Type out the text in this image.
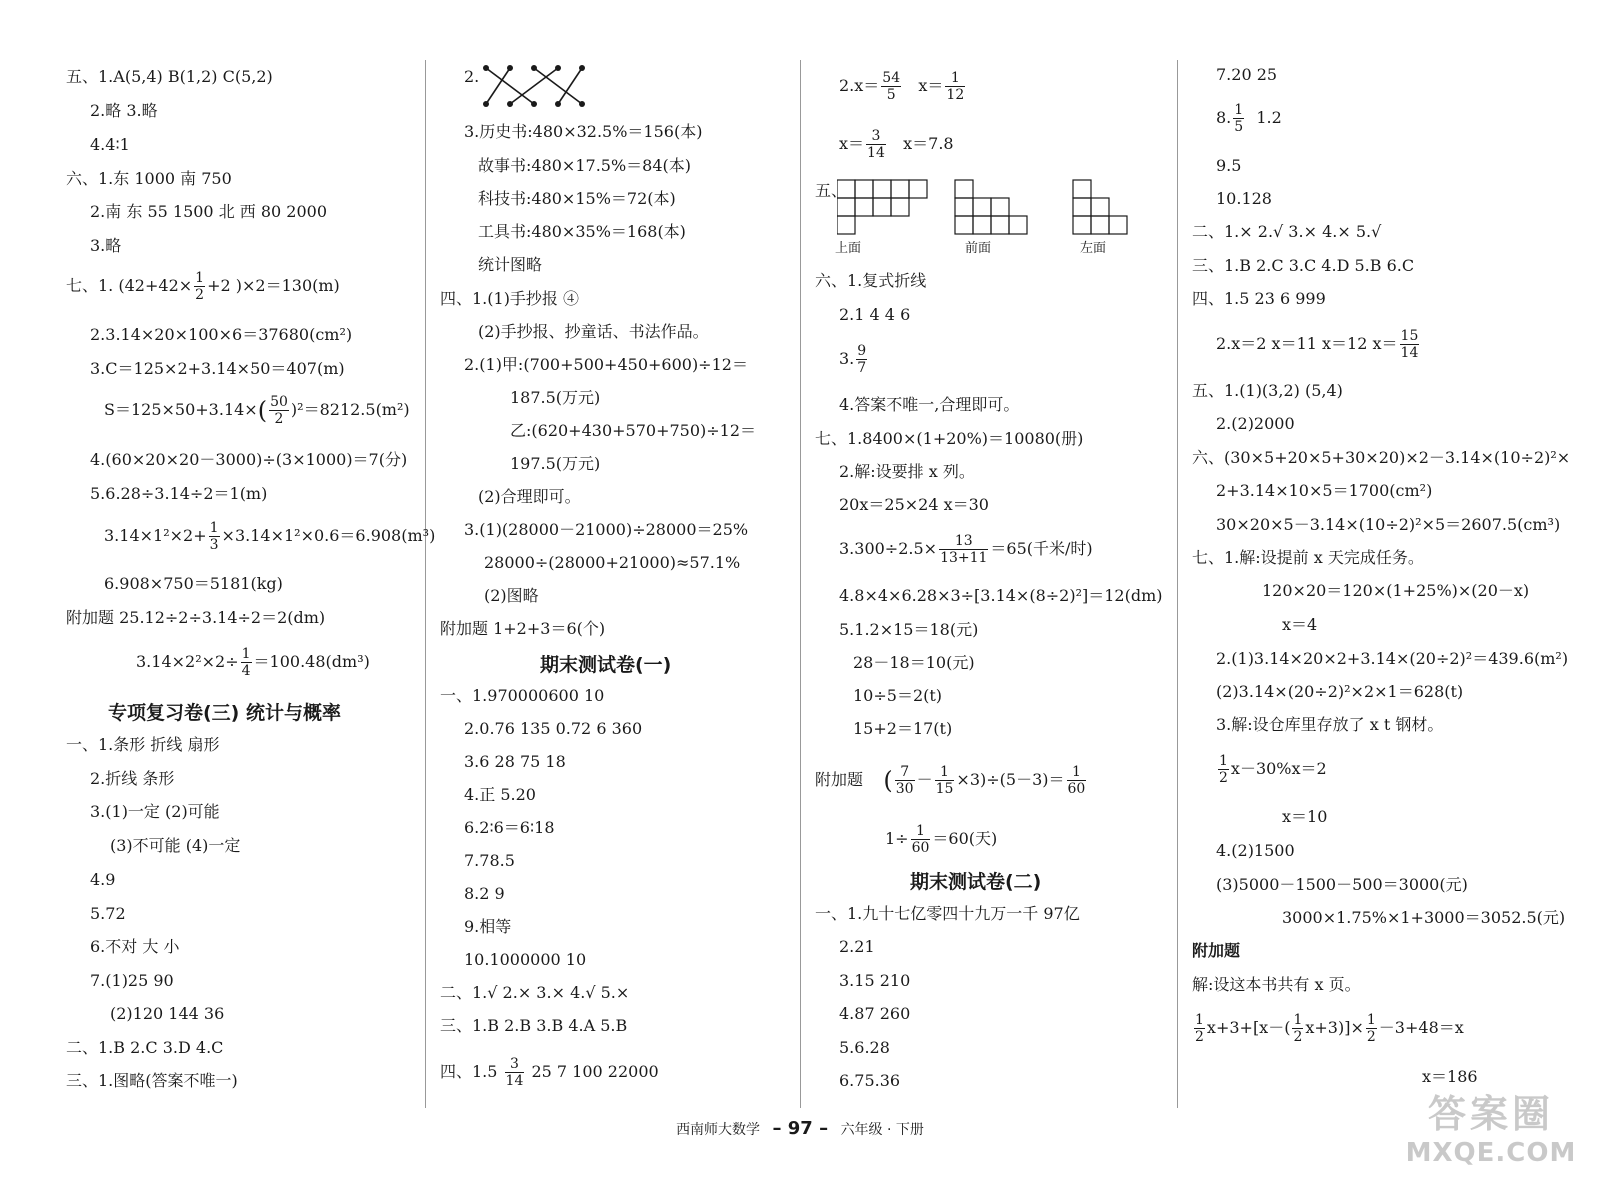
五、1.A(5,4) B(1,2) C(5,2)
2.略 3.略
4.4∶1
六、1.东 1000 南 750
2.南 东 55 1500 北 西 80 2000
3.略
七、1. ($42+42\times \frac{1}{2} +2$ )×2＝130(m)
2.3.14×20×100×6＝37680(cm²)
3.C＝125×2+3.14×50＝407(m)
$S=125\times 50+3.14\times( \frac{50}{2} )^2=8212.5(m^2)$
4.(60×20×20－3000)÷(3×1000)＝7(分)
5.6.28÷3.14÷2＝1(m)
$3.14\times 1^2\times 2+ \frac{1}{3} \times 3.14\times 1^2\times 0.6=6.908(m^3)$
6.908×750＝5181(kg)
附加题 25.12÷2÷3.14÷2＝2(dm)
$3.14\times 2^2\times 2\div \frac{1}{4} =100.48(dm^3)$
专项复习卷(三) 统计与概率
一、1.条形 折线 扇形
2.折线 条形
3.(1)一定 (2)可能
(3)不可能 (4)一定
4.9
5.72
6.不对 大 小
7.(1)25 90
(2)120 144 36
二、1.B 2.C 3.D 4.C
三、1.图略(答案不唯一)
2.
3.历史书:480×32.5%＝156(本)
故事书:480×17.5%＝84(本)
科技书:480×15%＝72(本)
工具书:480×35%＝168(本)
统计图略
四、1.(1)手抄报 ④
(2)手抄报、抄童话、书法作品。
2.(1)甲:(700+500+450+600)÷12＝
187.5(万元)
乙:(620+430+570+750)÷12＝
197.5(万元)
(2)合理即可。
3.(1)(28000－21000)÷28000＝25%
28000÷(28000+21000)≈57.1%
(2)图略
附加题 1+2+3＝6(个)
期末测试卷(一)
一、1.970000600 10
2.0.76 135 0.72 6 360
3.6 28 75 18
4.正 5.20
6.2∶6＝6∶18
7.78.5
8.2 9
9.相等
10.1000000 10
二、1.√ 2.× 3.× 4.√ 5.×
三、1.B 2.B 3.B 4.A 5.B
四、$1.5 \frac{3}{14} 25$ 7 100 22000
$2.x= \frac{54}{5} x= \frac{1}{12}$
$x= \frac{3}{14} x=7.8$
五、
上面	前面	左面
六、1.复式折线
2.1 4 4 6
3. $\frac{9}{7}$
4.答案不唯一,合理即可。
七、1.8400×(1+20%)＝10080(册)
2.解:设要排 x 列。
20x＝25×24 x＝30
$3.300\div 2.5\times \frac{13}{13+11} =65$(千米/时)
4.8×4×6.28×3÷[3.14×(8÷2)²]＝12(dm)
5.1.2×15＝18(元)
28－18＝10(元)
10÷5＝2(t)
15+2＝17(t)
附加题 ( $\frac{7}{30} - \frac{1}{15} \times 3)\div(5-3)= \frac{1}{60}$
$1\div \frac{1}{60} =60$(天)
期末测试卷(二)
一、1.九十七亿零四十九万一千 97亿
2.21
3.15 210
4.87 260
5.6.28
6.75.36
7.20 25
8. $\frac{1}{5} 1.2$
9.5
10.128
二、1.× 2.√ 3.× 4.× 5.√
三、1.B 2.C 3.C 4.D 5.B 6.C
四、1.5 23 6 999
2.x＝2 x＝11 x＝12 $x= \frac{15}{14}$
五、1.(1)(3,2) (5,4)
2.(2)2000
六、(30×5+20×5+30×20)×2－3.14×(10÷2)²×
2+3.14×10×5＝1700(cm²)
30×20×5－3.14×(10÷2)²×5＝2607.5(cm³)
七、1.解:设提前 x 天完成任务。
120×20＝120×(1+25%)×(20－x)
x＝4
2.(1)3.14×20×2+3.14×(20÷2)²＝439.6(m²)
(2)3.14×(20÷2)²×2×1＝628(t)
3.解:设仓库里存放了 x t 钢材。
$\frac{1}{2} x-30\%x=2$
x＝10
4.(2)1500
(3)5000－1500－500＝3000(元)
3000×1.75%×1+3000＝3052.5(元)
附加题
解:设这本书共有 x 页。
$\frac{1}{2} x+3+[x-( \frac{1}{2} x+3)]\times \frac{1}{2} -3+48=x$
x＝186
西南师大数学 – 97 – 六年级 · 下册	答案圈
MXQE.COM
